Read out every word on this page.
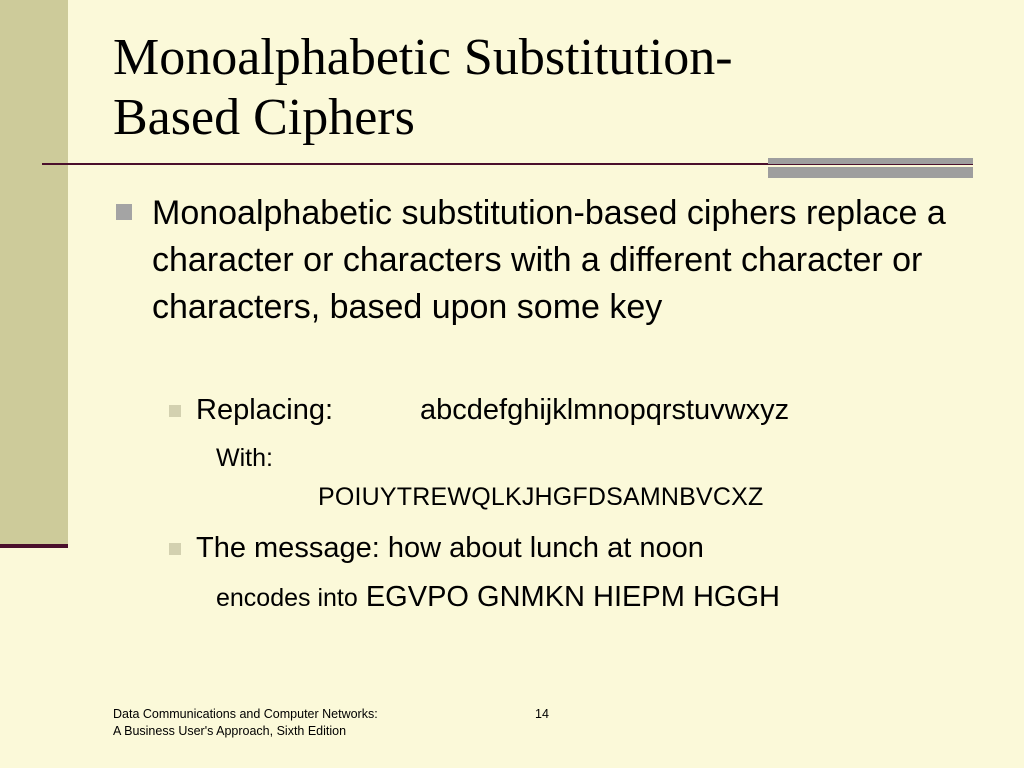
Monoalphabetic Substitution-
Based Ciphers
Monoalphabetic substitution-based ciphers replace a character or characters with a different character or characters, based upon some key
Replacing:	abcdefghijklmnopqrstuvwxyz
With:
POIUYTREWQLKJHGFDSAMNBVCXZ
The message: how about lunch at noon
encodes into EGVPO GNMKN HIEPM HGGH
Data Communications and Computer Networks:
A Business User's Approach, Sixth Edition
14
